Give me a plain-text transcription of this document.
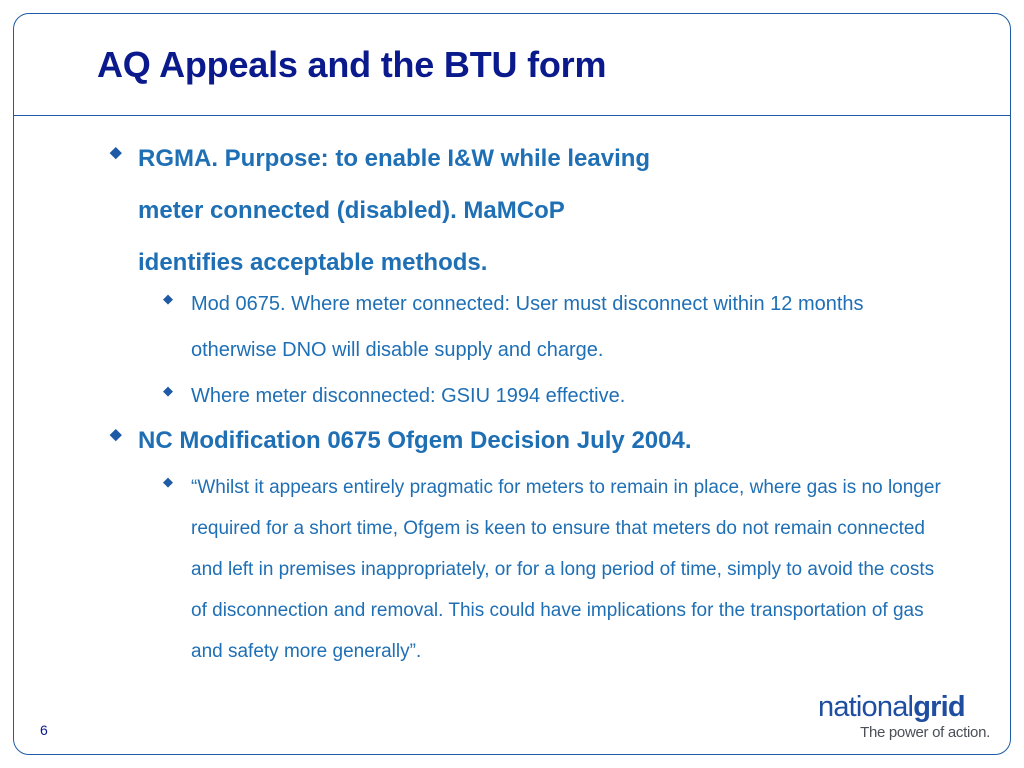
AQ Appeals and the BTU form
◆ RGMA. Purpose: to enable I&W while leaving meter connected (disabled). MaMCoP identifies acceptable methods.
◆ Mod 0675. Where meter connected: User must disconnect within 12 months otherwise DNO will disable supply and charge.
◆ Where meter disconnected: GSIU 1994 effective.
◆ NC Modification 0675 Ofgem Decision July 2004.
◆ “Whilst it appears entirely pragmatic for meters to remain in place, where gas is no longer required for a short time, Ofgem is keen to ensure that meters do not remain connected and left in premises inappropriately, or for a long period of time, simply to avoid the costs of disconnection and removal. This could have implications for the transportation of gas and safety more generally”.
6
nationalgrid
The power of action.
